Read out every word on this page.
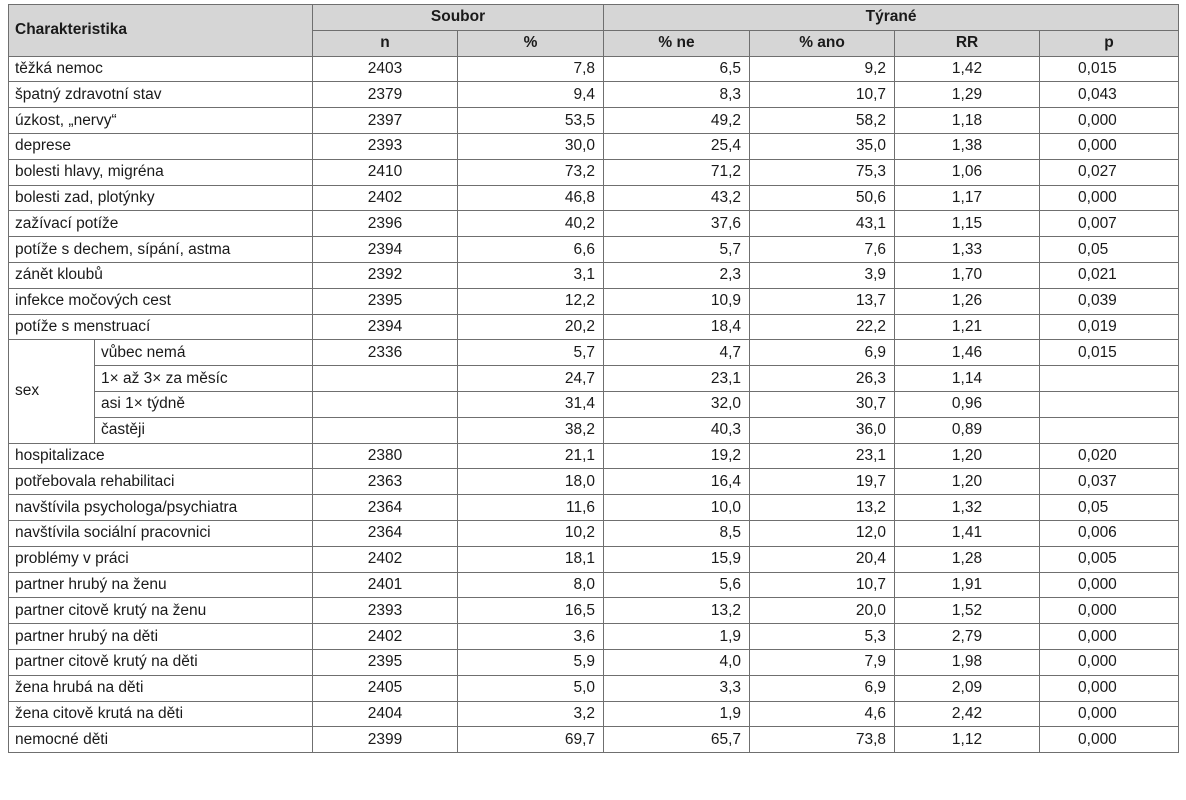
Charakteristika		Soubor		Týrané			
		n	%	% ne	% ano	RR	p
těžká nemoc		2403	7,8	6,5	9,2	1,42	0,015
špatný zdravotní stav		2379	9,4	8,3	10,7	1,29	0,043
úzkost, „nervy“		2397	53,5	49,2	58,2	1,18	0,000
deprese		2393	30,0	25,4	35,0	1,38	0,000
bolesti hlavy, migréna		2410	73,2	71,2	75,3	1,06	0,027
bolesti zad, plotýnky		2402	46,8	43,2	50,6	1,17	0,000
zažívací potíže		2396	40,2	37,6	43,1	1,15	0,007
potíže s dechem, sípání, astma		2394	6,6	5,7	7,6	1,33	0,05
zánět kloubů		2392	3,1	2,3	3,9	1,70	0,021
infekce močových cest		2395	12,2	10,9	13,7	1,26	0,039
potíže s menstruací		2394	20,2	18,4	22,2	1,21	0,019
sex	vůbec nemá	2336	5,7	4,7	6,9	1,46	0,015
	1× až 3× za měsíc		24,7	23,1	26,3	1,14	
	asi 1× týdně		31,4	32,0	30,7	0,96	
	častěji		38,2	40,3	36,0	0,89	
hospitalizace		2380	21,1	19,2	23,1	1,20	0,020
potřebovala rehabilitaci		2363	18,0	16,4	19,7	1,20	0,037
navštívila psychologa/psychiatra		2364	11,6	10,0	13,2	1,32	0,05
navštívila sociální pracovnici		2364	10,2	8,5	12,0	1,41	0,006
problémy v práci		2402	18,1	15,9	20,4	1,28	0,005
partner hrubý na ženu		2401	8,0	5,6	10,7	1,91	0,000
partner citově krutý na ženu		2393	16,5	13,2	20,0	1,52	0,000
partner hrubý na děti		2402	3,6	1,9	5,3	2,79	0,000
partner citově krutý na děti		2395	5,9	4,0	7,9	1,98	0,000
žena hrubá na děti		2405	5,0	3,3	6,9	2,09	0,000
žena citově krutá na děti		2404	3,2	1,9	4,6	2,42	0,000
nemocné děti		2399	69,7	65,7	73,8	1,12	0,000
